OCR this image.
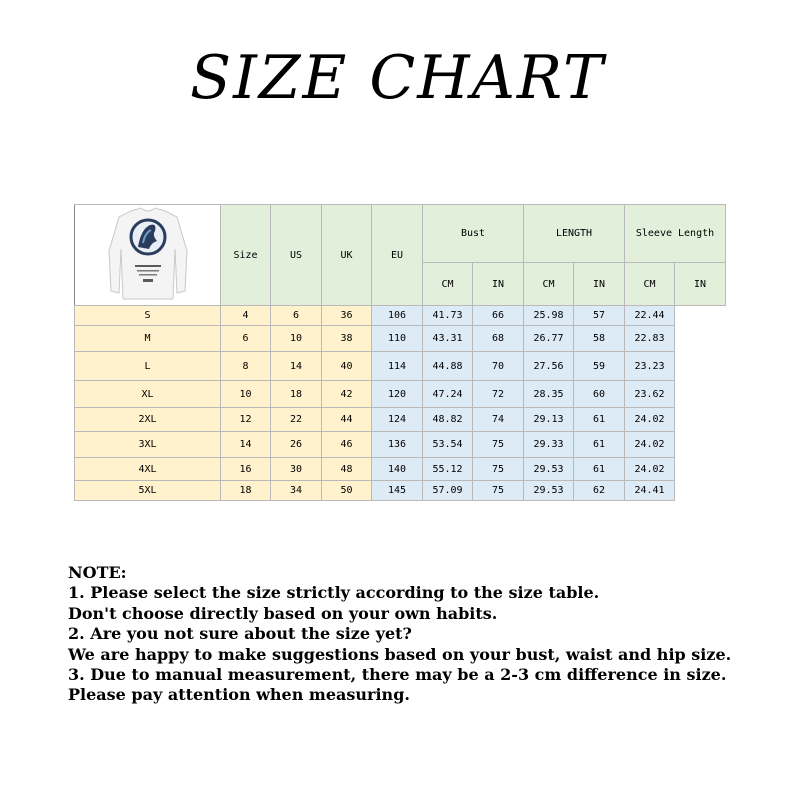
SIZE CHART
	Size	US	UK	EU	Bust		LENGTH		Sleeve Length	
					CM	IN	CM	IN	CM	IN
S	4	6	36	106	41.73	66	25.98	57	22.44	
M	6	10	38	110	43.31	68	26.77	58	22.83	
L	8	14	40	114	44.88	70	27.56	59	23.23	
XL	10	18	42	120	47.24	72	28.35	60	23.62	
2XL	12	22	44	124	48.82	74	29.13	61	24.02	
3XL	14	26	46	136	53.54	75	29.33	61	24.02	
4XL	16	30	48	140	55.12	75	29.53	61	24.02	
5XL	18	34	50	145	57.09	75	29.53	62	24.41	
NOTE:
1. Please select the size strictly according to the size table.
Don't choose directly based on your own habits.
2. Are you not sure about the size yet?
We are happy to make suggestions based on your bust, waist and hip size.
3. Due to manual measurement, there may be a 2-3 cm difference in size.
Please pay attention when measuring.
